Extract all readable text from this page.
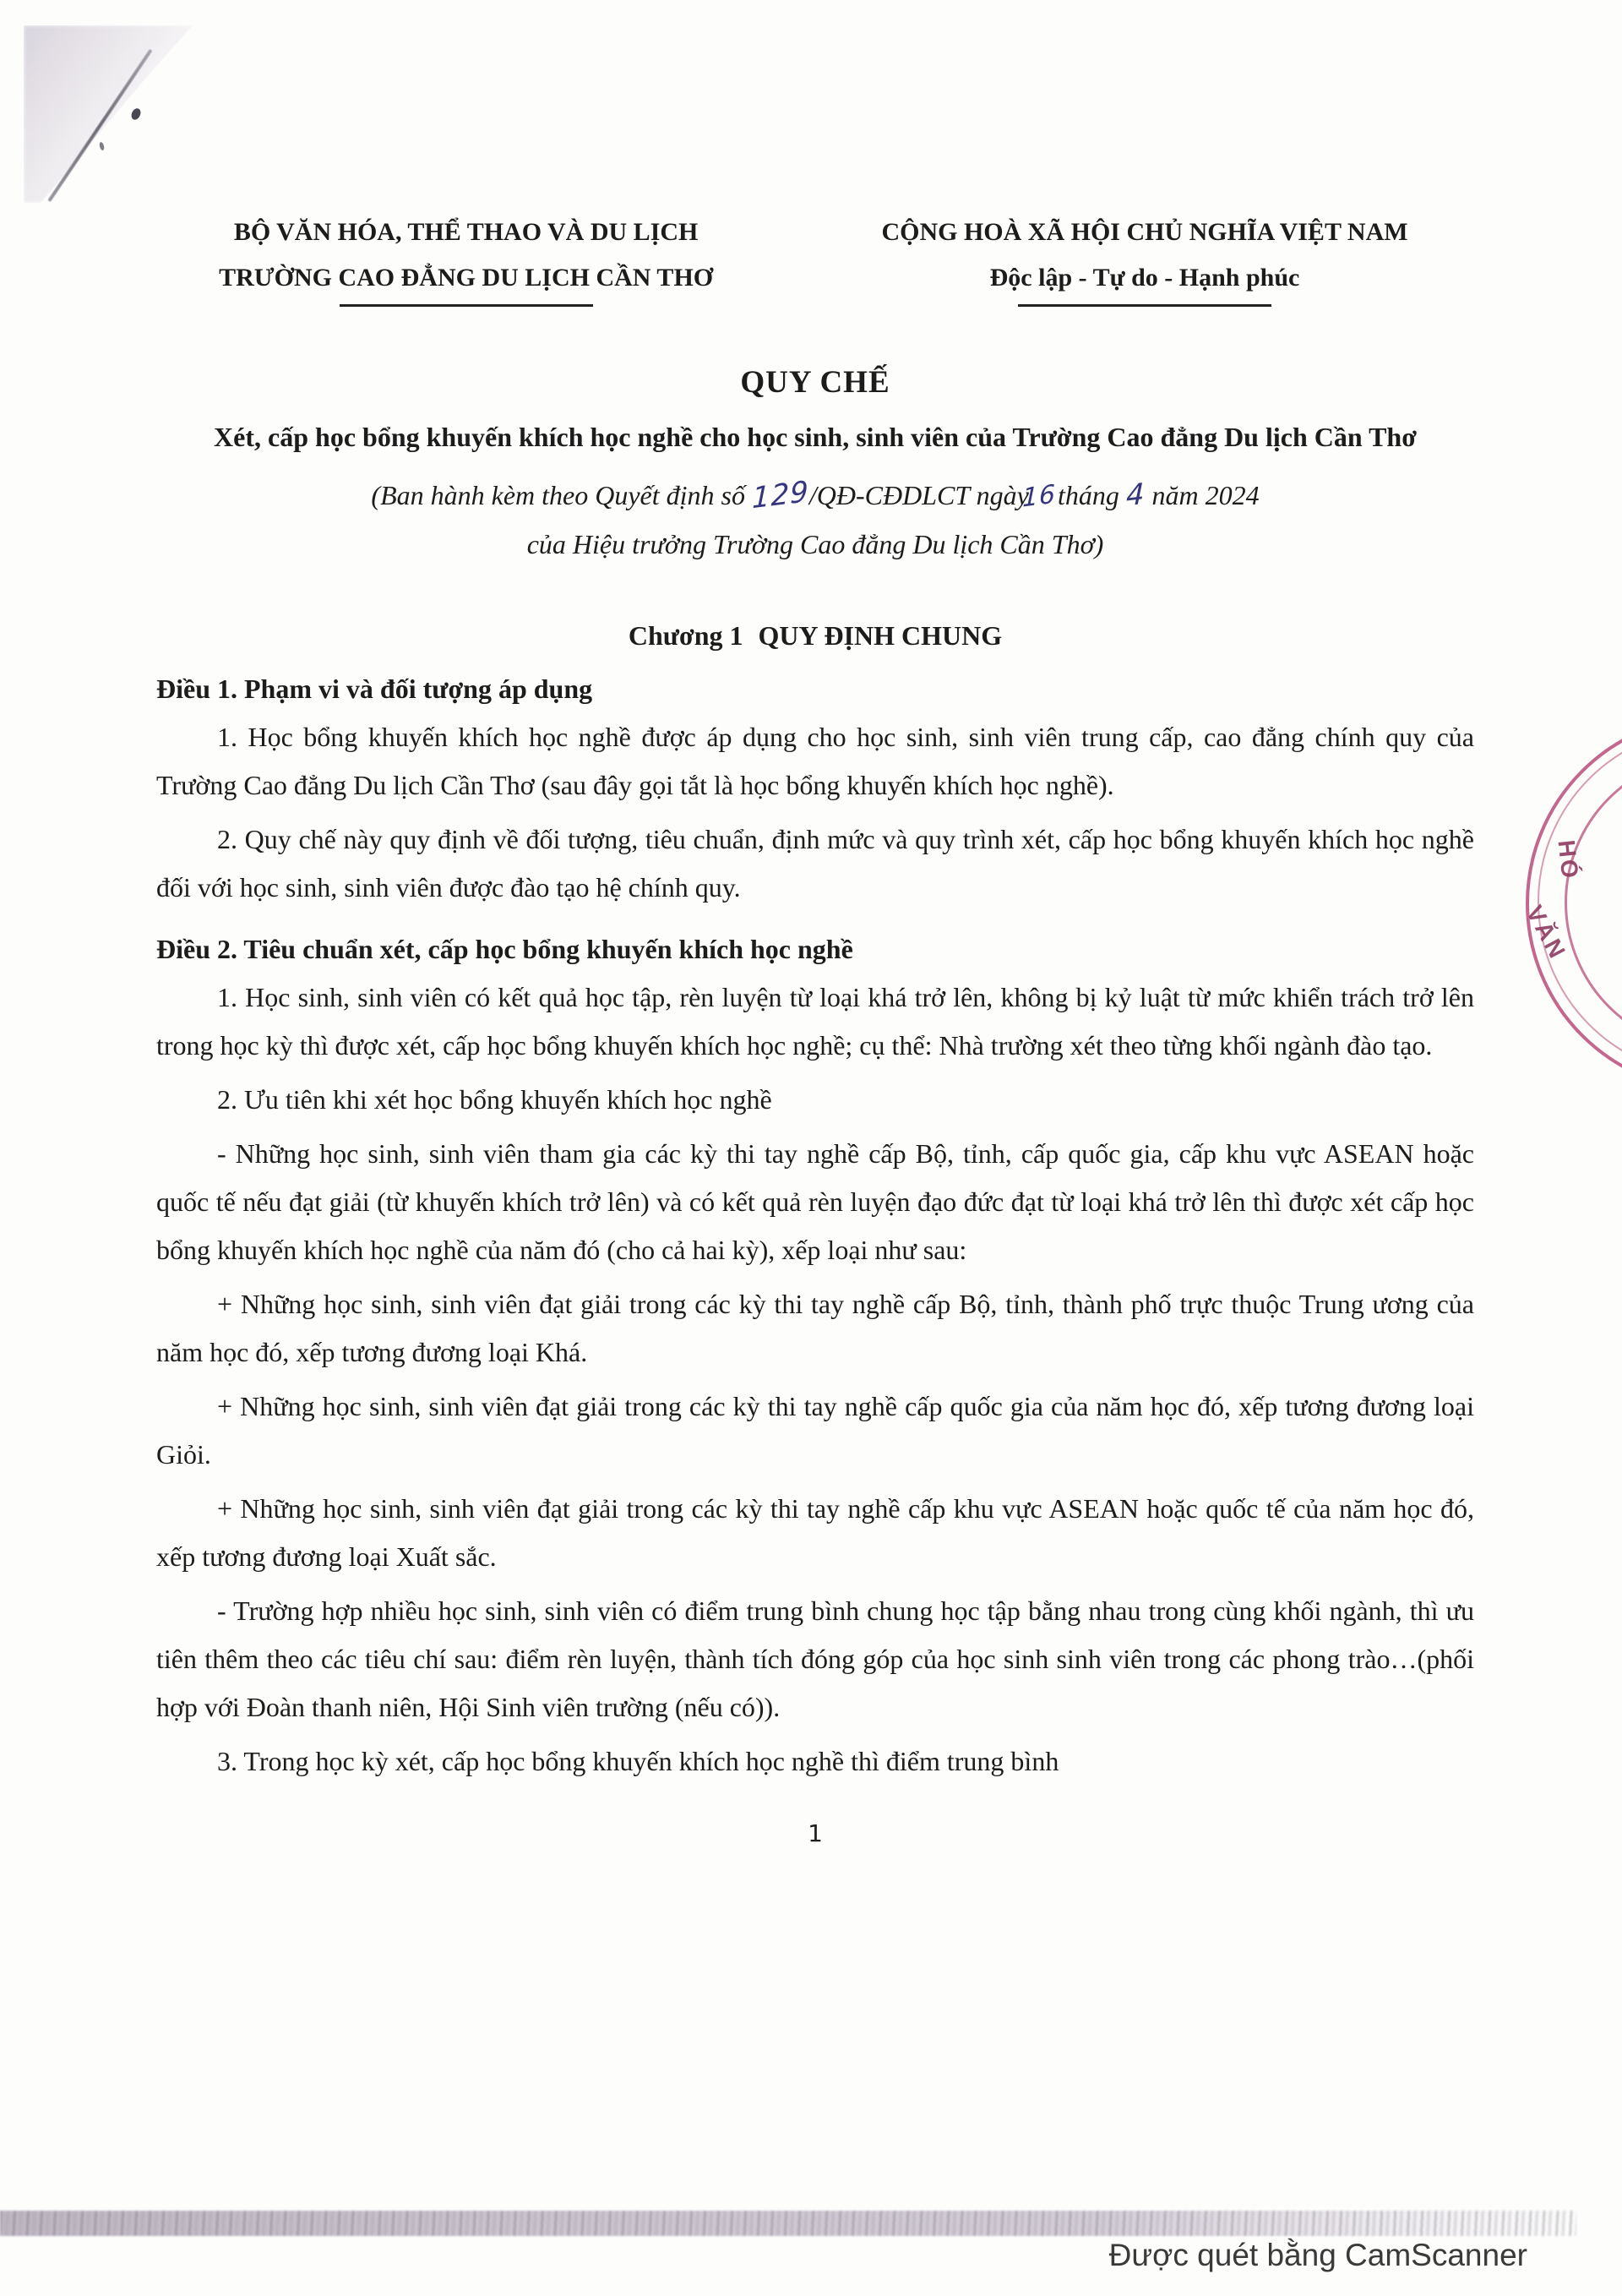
HÓ
VĂN
BỘ VĂN HÓA, THỂ THAO VÀ DU LỊCH
TRƯỜNG CAO ĐẲNG DU LỊCH CẦN THƠ
CỘNG HOÀ XÃ HỘI CHỦ NGHĨA VIỆT NAM
Độc lập - Tự do - Hạnh phúc
QUY CHẾ
Xét, cấp học bổng khuyến khích học nghề cho học sinh, sinh viên của Trường Cao đẳng Du lịch Cần Thơ
(Ban hành kèm theo Quyết định số 129/QĐ-CĐDLCT ngày16tháng 4 năm 2024
của Hiệu trưởng Trường Cao đẳng Du lịch Cần Thơ)
Chương 1 QUY ĐỊNH CHUNG
Điều 1. Phạm vi và đối tượng áp dụng

1. Học bổng khuyến khích học nghề được áp dụng cho học sinh, sinh viên trung cấp, cao đẳng chính quy của Trường Cao đẳng Du lịch Cần Thơ (sau đây gọi tắt là học bổng khuyến khích học nghề).

2. Quy chế này quy định về đối tượng, tiêu chuẩn, định mức và quy trình xét, cấp học bổng khuyến khích học nghề đối với học sinh, sinh viên được đào tạo hệ chính quy.

Điều 2. Tiêu chuẩn xét, cấp học bổng khuyến khích học nghề

1. Học sinh, sinh viên có kết quả học tập, rèn luyện từ loại khá trở lên, không bị kỷ luật từ mức khiển trách trở lên trong học kỳ thì được xét, cấp học bổng khuyến khích học nghề; cụ thể: Nhà trường xét theo từng khối ngành đào tạo.

2. Ưu tiên khi xét học bổng khuyến khích học nghề

- Những học sinh, sinh viên tham gia các kỳ thi tay nghề cấp Bộ, tỉnh, cấp quốc gia, cấp khu vực ASEAN hoặc quốc tế nếu đạt giải (từ khuyến khích trở lên) và có kết quả rèn luyện đạo đức đạt từ loại khá trở lên thì được xét cấp học bổng khuyến khích học nghề của năm đó (cho cả hai kỳ), xếp loại như sau:

+ Những học sinh, sinh viên đạt giải trong các kỳ thi tay nghề cấp Bộ, tỉnh, thành phố trực thuộc Trung ương của năm học đó, xếp tương đương loại Khá.

+ Những học sinh, sinh viên đạt giải trong các kỳ thi tay nghề cấp quốc gia của năm học đó, xếp tương đương loại Giỏi.

+ Những học sinh, sinh viên đạt giải trong các kỳ thi tay nghề cấp khu vực ASEAN hoặc quốc tế của năm học đó, xếp tương đương loại Xuất sắc.

- Trường hợp nhiều học sinh, sinh viên có điểm trung bình chung học tập bằng nhau trong cùng khối ngành, thì ưu tiên thêm theo các tiêu chí sau: điểm rèn luyện, thành tích đóng góp của học sinh sinh viên trong các phong trào…(phối hợp với Đoàn thanh niên, Hội Sinh viên trường (nếu có)).

3. Trong học kỳ xét, cấp học bổng khuyến khích học nghề thì điểm trung bình

1
Được quét bằng CamScanner
